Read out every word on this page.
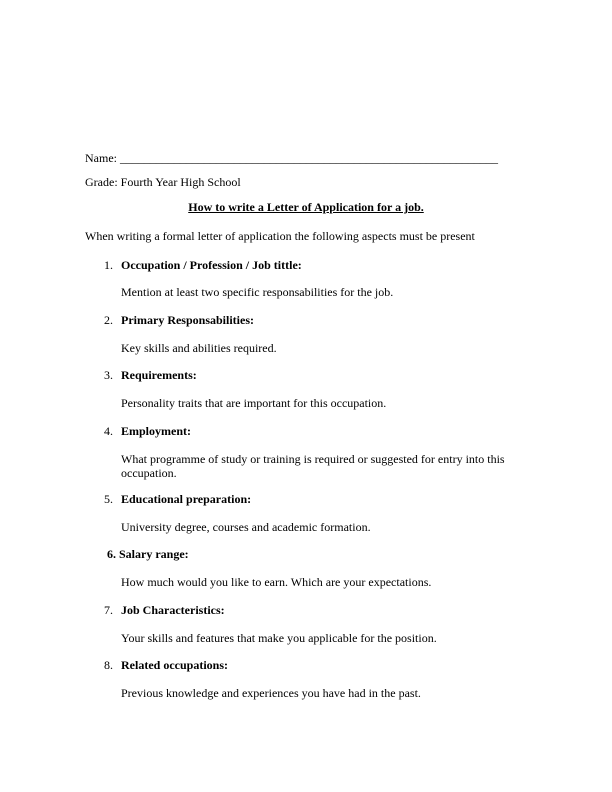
Name: _______________________________________________________________
Grade: Fourth Year High School
How to write a Letter of Application for a job.
When writing a formal letter of application the following aspects must be present
1. Occupation / Profession / Job tittle:
Mention at least two specific responsabilities for the job.
2. Primary Responsabilities:
Key skills and abilities required.
3. Requirements:
Personality traits that are important for this occupation.
4. Employment:
What programme of study or training is required or suggested for entry into this occupation.
5. Educational preparation:
University degree, courses and academic formation.
6. Salary range:
How much would you like to earn. Which are your expectations.
7. Job Characteristics:
Your skills and features that make you applicable for the position.
8. Related occupations:
Previous knowledge and experiences you have had in the past.
